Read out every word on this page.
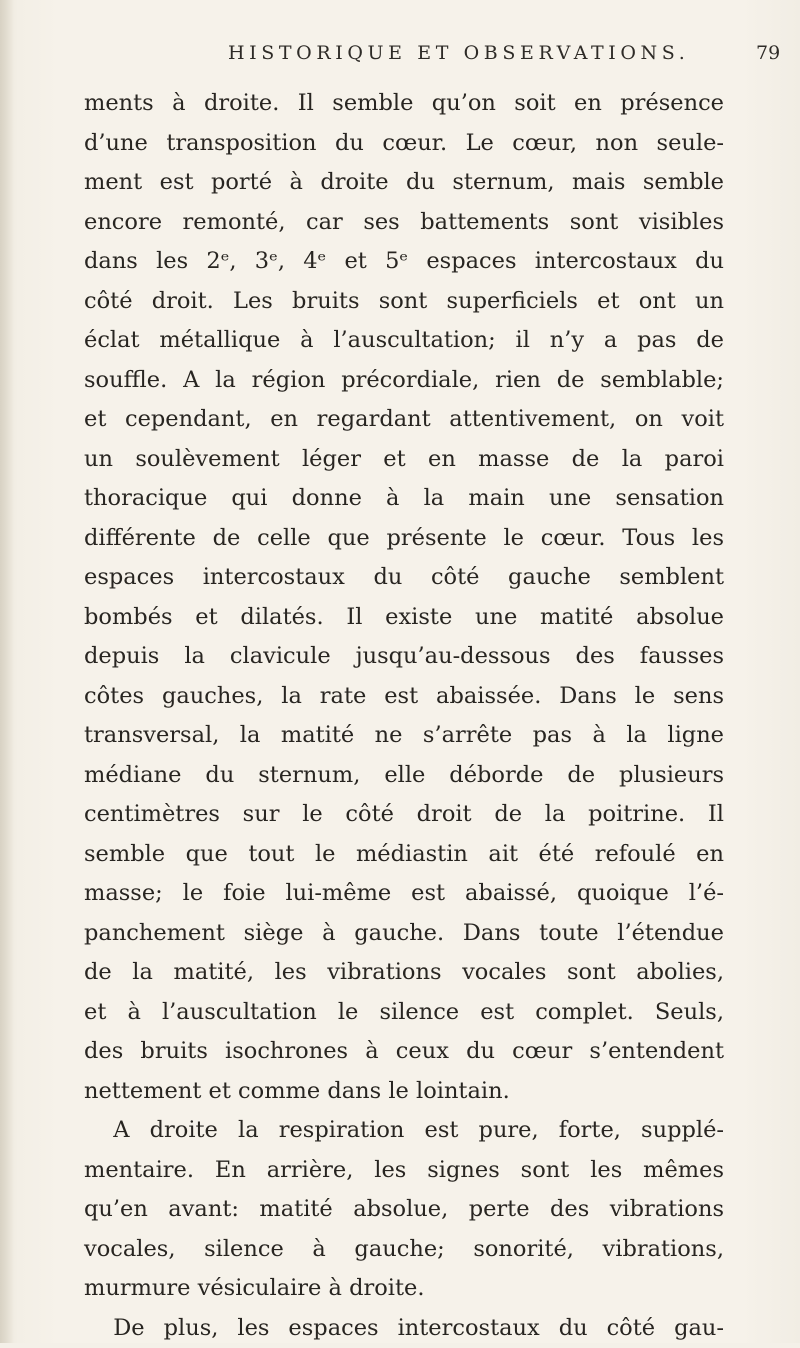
HISTORIQUE ET OBSERVATIONS.	79
ments à droite. Il semble qu’on soit en présence
d’une transposition du cœur. Le cœur, non seule-
ment est porté à droite du sternum, mais semble
encore remonté, car ses battements sont visibles
dans les 2ᵉ, 3ᵉ, 4ᵉ et 5ᵉ espaces intercostaux du
côté droit. Les bruits sont superficiels et ont un
éclat métallique à l’auscultation; il n’y a pas de
souffle. A la région précordiale, rien de semblable;
et cependant, en regardant attentivement, on voit
un soulèvement léger et en masse de la paroi
thoracique qui donne à la main une sensation
différente de celle que présente le cœur. Tous les
espaces intercostaux du côté gauche semblent
bombés et dilatés. Il existe une matité absolue
depuis la clavicule jusqu’au-dessous des fausses
côtes gauches, la rate est abaissée. Dans le sens
transversal, la matité ne s’arrête pas à la ligne
médiane du sternum, elle déborde de plusieurs
centimètres sur le côté droit de la poitrine. Il
semble que tout le médiastin ait été refoulé en
masse; le foie lui-même est abaissé, quoique l’é-
panchement siège à gauche. Dans toute l’étendue
de la matité, les vibrations vocales sont abolies,
et à l’auscultation le silence est complet. Seuls,
des bruits isochrones à ceux du cœur s’entendent
nettement et comme dans le lointain.
A droite la respiration est pure, forte, supplé-
mentaire. En arrière, les signes sont les mêmes
qu’en avant: matité absolue, perte des vibrations
vocales, silence à gauche; sonorité, vibrations,
murmure vésiculaire à droite.
De plus, les espaces intercostaux du côté gau-
